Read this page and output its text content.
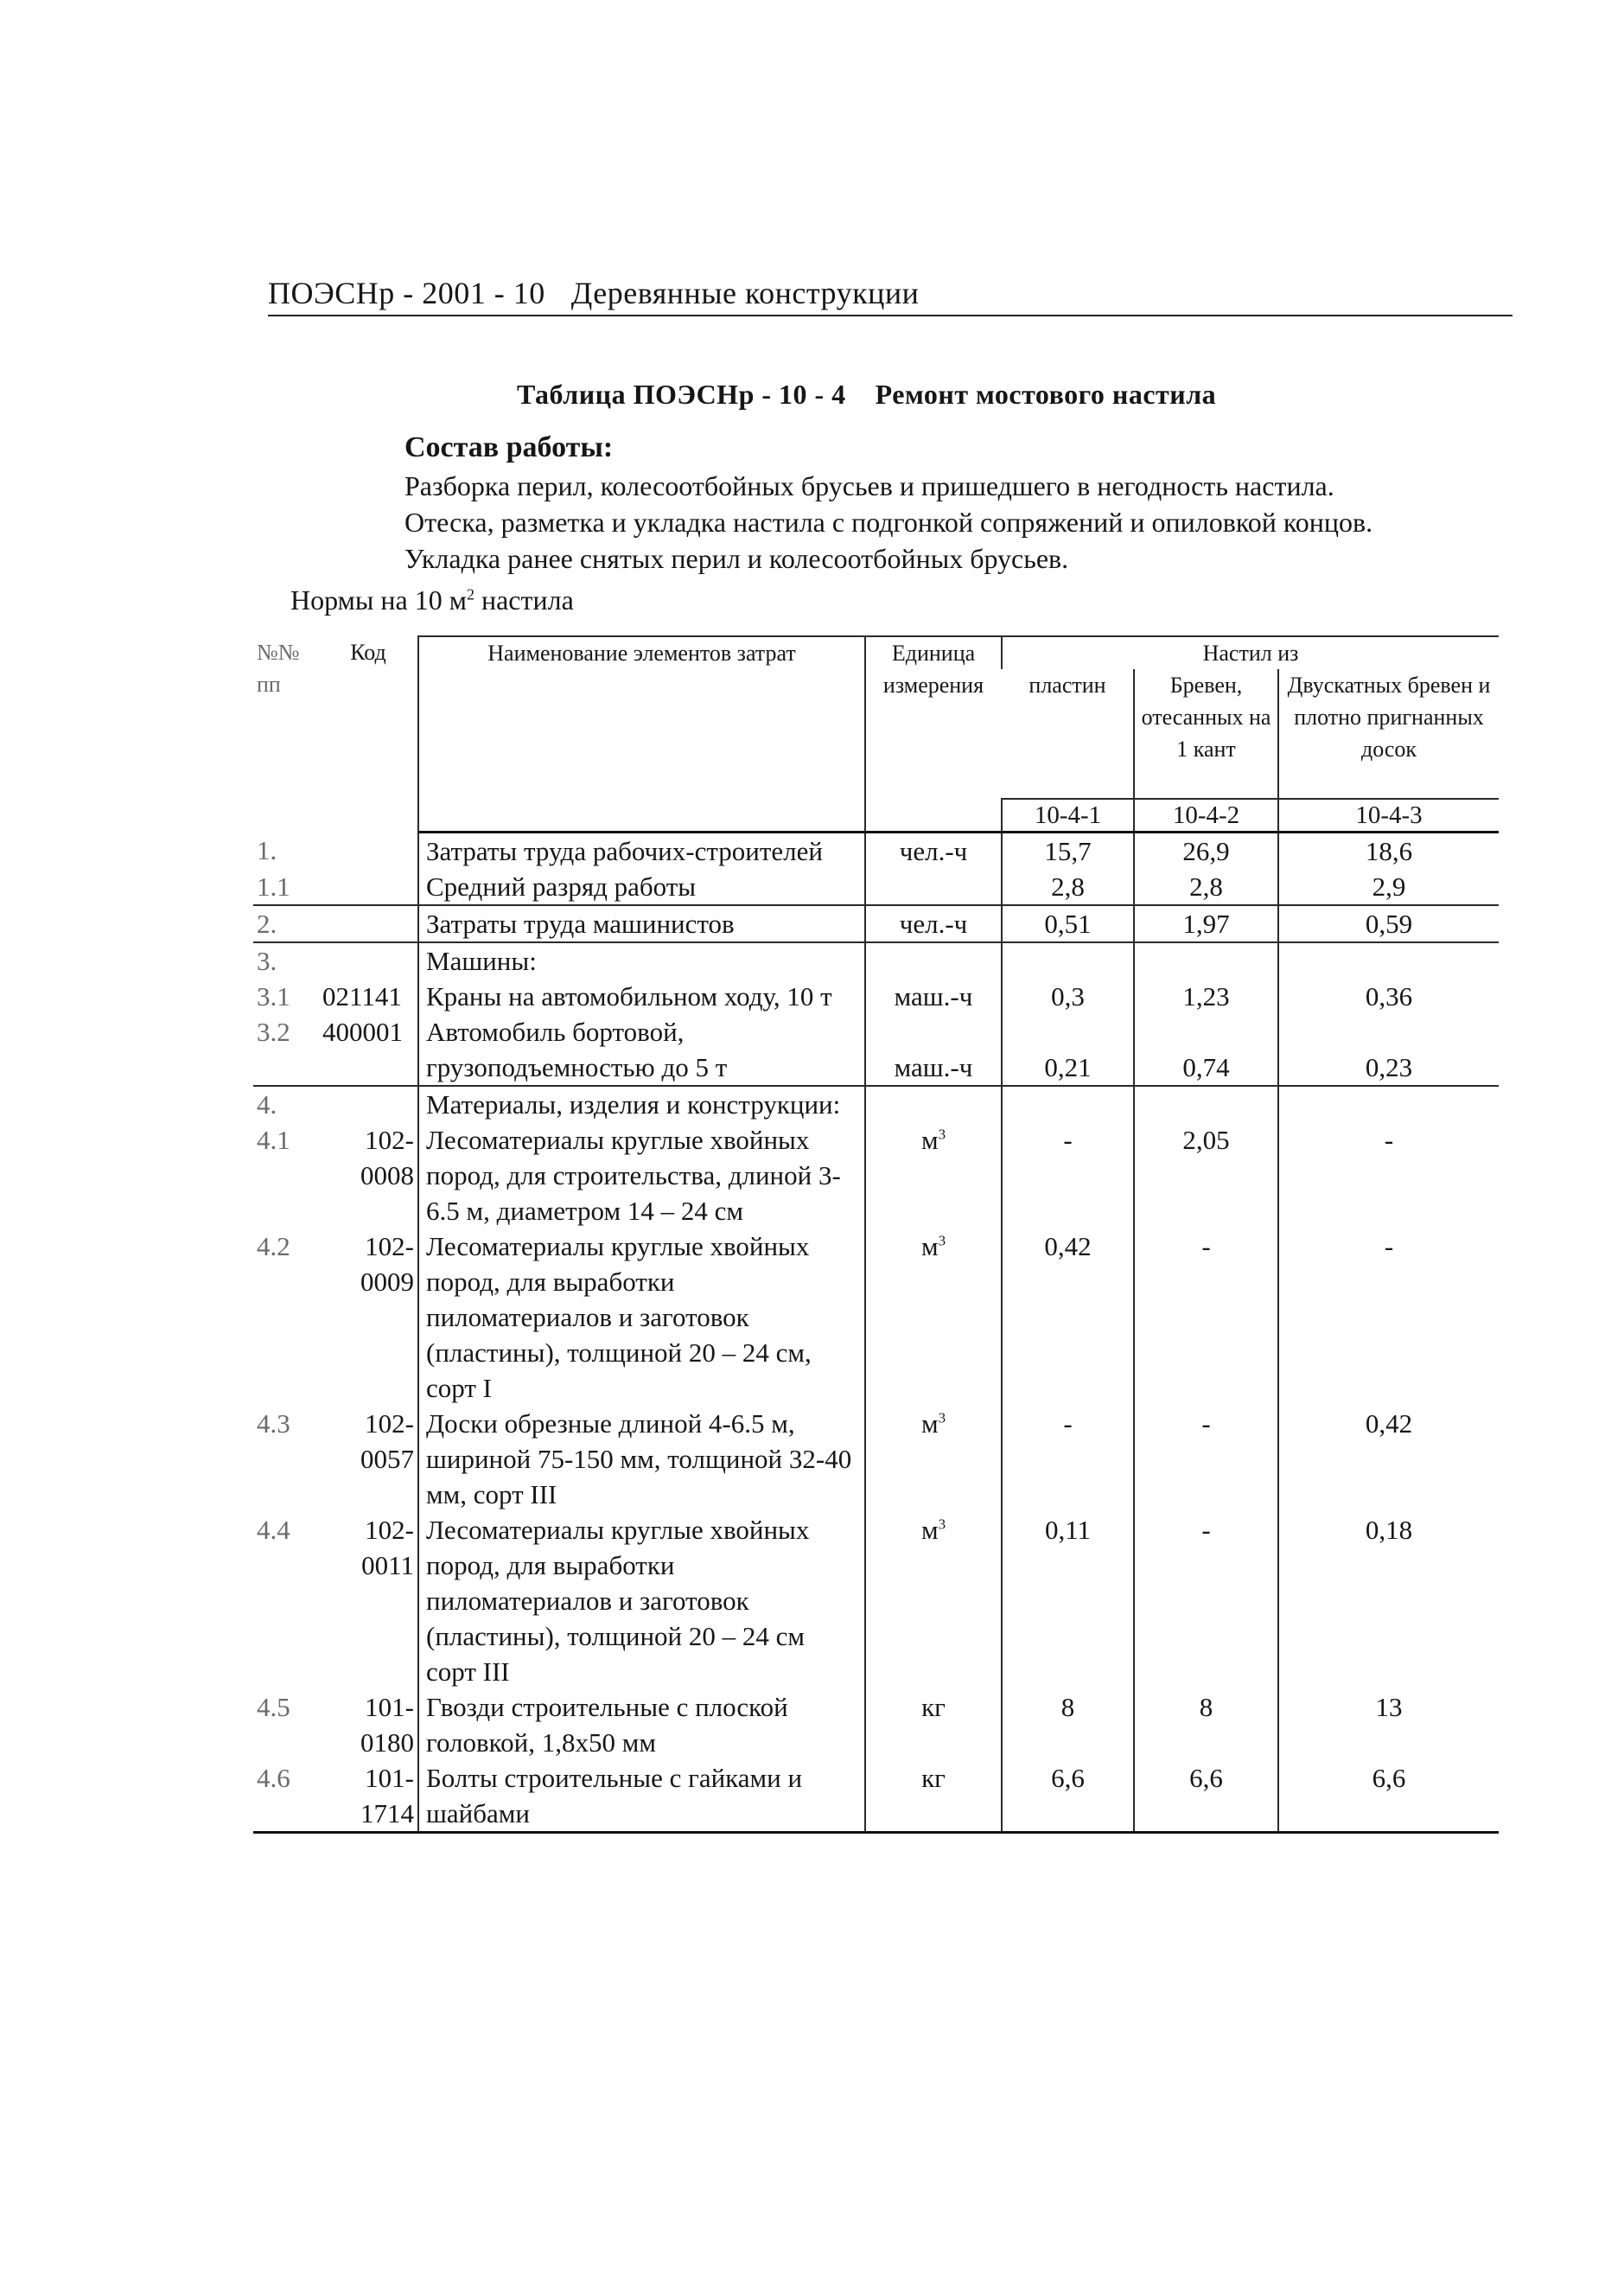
ПОЭСНр - 2001 - 10 Деревянные конструкции
Таблица ПОЭСНр - 10 - 4 Ремонт мостового настила
Состав работы:
Разборка перил, колесоотбойных брусьев и пришедшего в негодность настила.
Отеска, разметка и укладка настила с подгонкой сопряжений и опиловкой концов.
Укладка ранее снятых перил и колесоотбойных брусьев.
Нормы на 10 $м^2$ настила
№№ пп	Код	Наименование элементов затрат	Единица измерения	Настил из		
				пластин	Бревен, отесанных на 1 кант	Двускатных бревен и плотно пригнанных досок
				10-4-1	10-4-2	10-4-3
1.		Затраты труда рабочих-строителей	чел.-ч	15,7	26,9	18,6
1.1		Средний разряд работы		2,8	2,8	2,9
2.		Затраты труда машинистов	чел.-ч	0,51	1,97	0,59
3.		Машины:				
3.1	021141	Краны на автомобильном ходу, 10 т	маш.-ч	0,3	1,23	0,36
3.2	400001	Автомобиль бортовой, грузоподъемностью до 5 т	маш.-ч	0,21	0,74	0,23
4.		Материалы, изделия и конструкции:				
4.1	102-0008	Лесоматериалы круглые хвойных пород, для строительства, длиной 3-6.5 м, диаметром 14 – 24 см	$м^3$	-	2,05	-
4.2	102-0009	Лесоматериалы круглые хвойных пород, для выработки пиломатериалов и заготовок (пластины), толщиной 20 – 24 см, сорт I	$м^3$	0,42	-	-
4.3	102-0057	Доски обрезные длиной 4-6.5 м, шириной 75-150 мм, толщиной 32-40 мм, сорт III	$м^3$	-	-	0,42
4.4	102-0011	Лесоматериалы круглые хвойных пород, для выработки пиломатериалов и заготовок (пластины), толщиной 20 – 24 см сорт III	$м^3$	0,11	-	0,18
4.5	101-0180	Гвозди строительные с плоской головкой, 1,8х50 мм	кг	8	8	13
4.6	101-1714	Болты строительные с гайками и шайбами	кг	6,6	6,6	6,6
